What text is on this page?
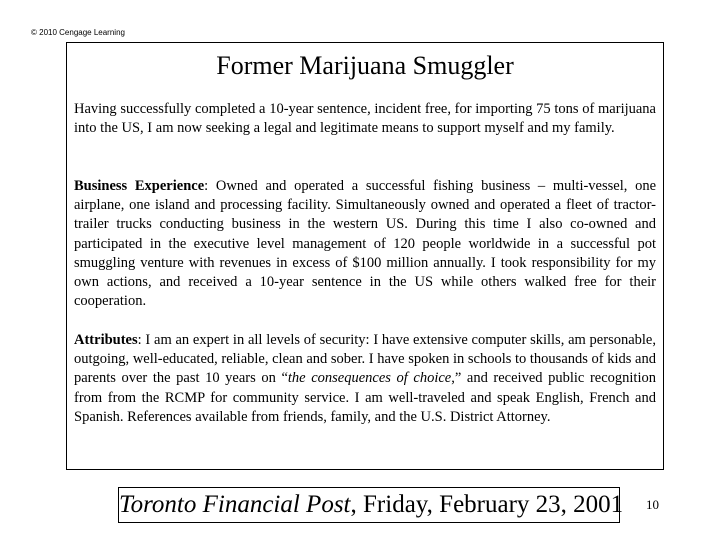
© 2010 Cengage Learning
Former Marijuana Smuggler

Having successfully completed a 10-year sentence, incident free, for importing 75 tons of marijuana into the US, I am now seeking a legal and legitimate means to support myself and my family.

Business Experience: Owned and operated a successful fishing business – multi-vessel, one airplane, one island and processing facility. Simultaneously owned and operated a fleet of tractor-trailer trucks conducting business in the western US. During this time I also co-owned and participated in the executive level management of 120 people worldwide in a successful pot smuggling venture with revenues in excess of $100 million annually. I took responsibility for my own actions, and received a 10-year sentence in the US while others walked free for their cooperation.

Attributes: I am an expert in all levels of security: I have extensive computer skills, am personable, outgoing, well-educated, reliable, clean and sober. I have spoken in schools to thousands of kids and parents over the past 10 years on “the consequences of choice,” and received public recognition from from the RCMP for community service. I am well-traveled and speak English, French and Spanish. References available from friends, family, and the U.S. District Attorney.

Toronto Financial Post, Friday, February 23, 2001 10
